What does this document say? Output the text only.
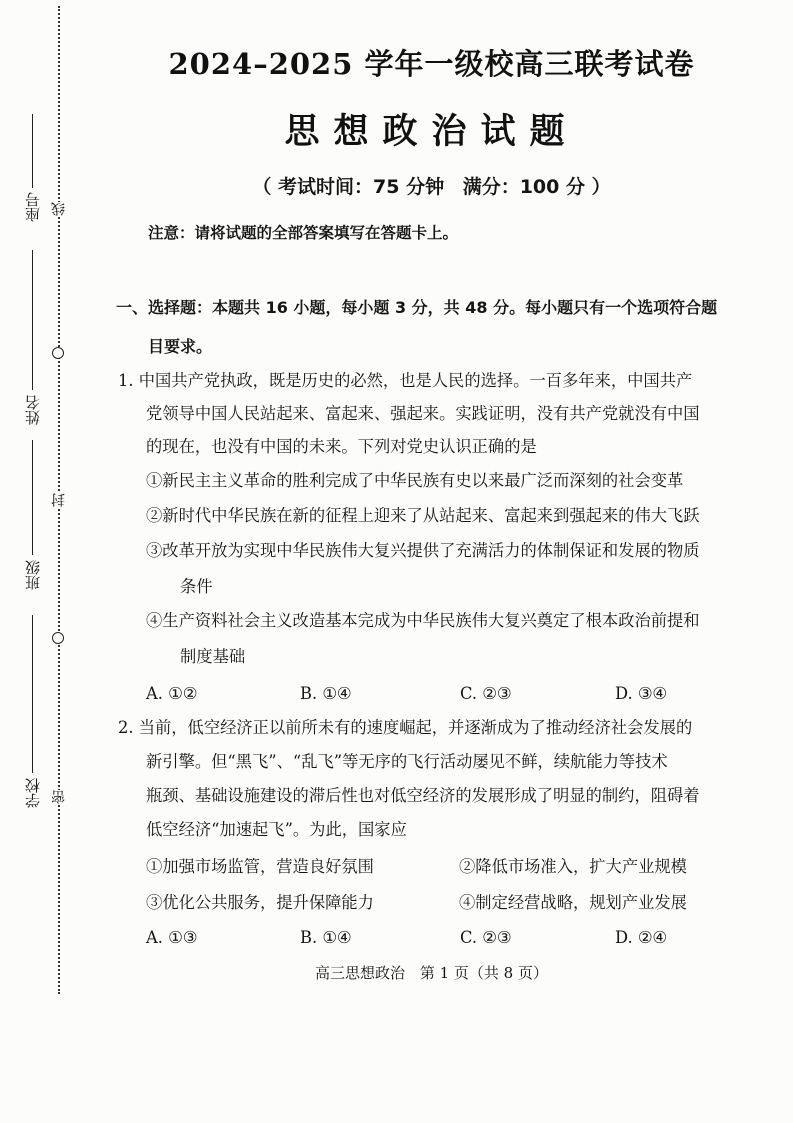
座号 线
姓名
封
班级
密
学校
2024–2025 学年一级校高三联考试卷
思想政治试题
（ 考试时间：75 分钟 满分：100 分 ）
注意：请将试题的全部答案填写在答题卡上。
一、选择题：本题共 16 小题，每小题 3 分，共 48 分。每小题只有一个选项符合题
目要求。
1. 中国共产党执政，既是历史的必然，也是人民的选择。一百多年来，中国共产
党领导中国人民站起来、富起来、强起来。实践证明，没有共产党就没有中国
的现在，也没有中国的未来。下列对党史认识正确的是
①新民主主义革命的胜利完成了中华民族有史以来最广泛而深刻的社会变革
②新时代中华民族在新的征程上迎来了从站起来、富起来到强起来的伟大飞跃
③改革开放为实现中华民族伟大复兴提供了充满活力的体制保证和发展的物质
条件
④生产资料社会主义改造基本完成为中华民族伟大复兴奠定了根本政治前提和
制度基础
A. ①②	B. ①④	C. ②③	D. ③④
2. 当前，低空经济正以前所未有的速度崛起，并逐渐成为了推动经济社会发展的
新引擎。但“黑飞”、“乱飞”等无序的飞行活动屡见不鲜，续航能力等技术
瓶颈、基础设施建设的滞后性也对低空经济的发展形成了明显的制约，阻碍着
低空经济“加速起飞”。为此，国家应
①加强市场监管，营造良好氛围	②降低市场准入，扩大产业规模
③优化公共服务，提升保障能力	④制定经营战略，规划产业发展
A. ①③	B. ①④	C. ②③	D. ②④
高三思想政治 第 1 页（共 8 页）
